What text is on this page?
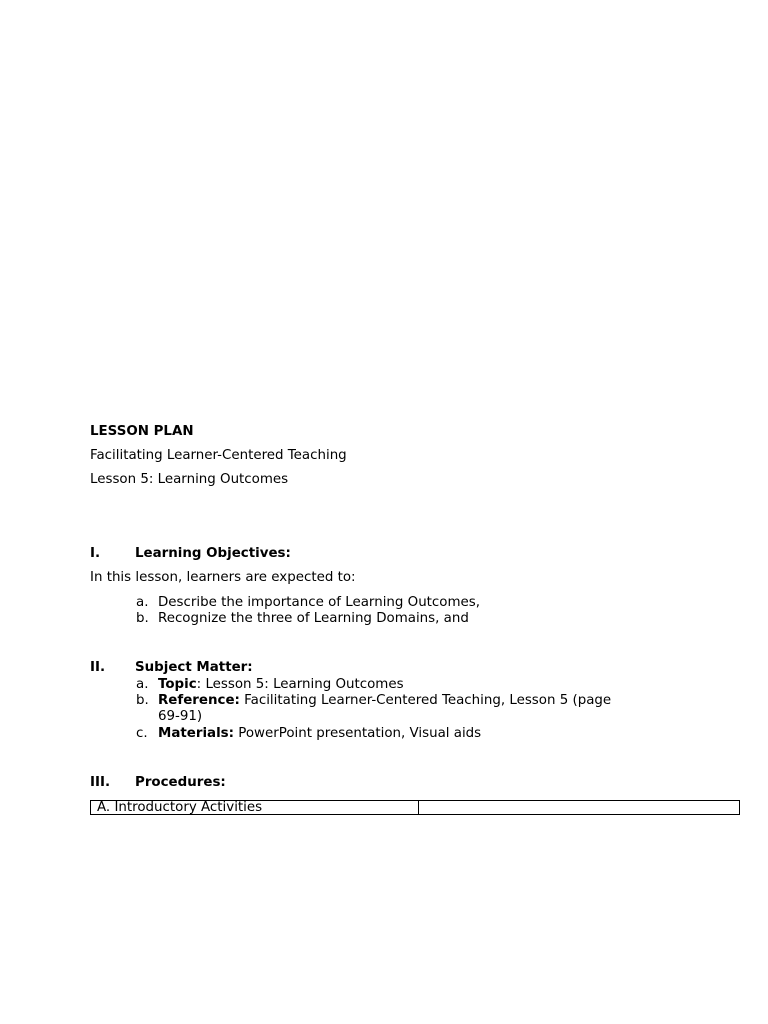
LESSON PLAN
Facilitating Learner-Centered Teaching
Lesson 5: Learning Outcomes
I.	Learning Objectives:
In this lesson, learners are expected to:
a. Describe the importance of Learning Outcomes,
b. Recognize the three of Learning Domains, and
II. Subject Matter:
a. Topic: Lesson 5: Learning Outcomes
b. Reference: Facilitating Learner-Centered Teaching, Lesson 5 (page
69-91)
c. Materials: PowerPoint presentation, Visual aids
III. Procedures:
A. Introductory Activities
